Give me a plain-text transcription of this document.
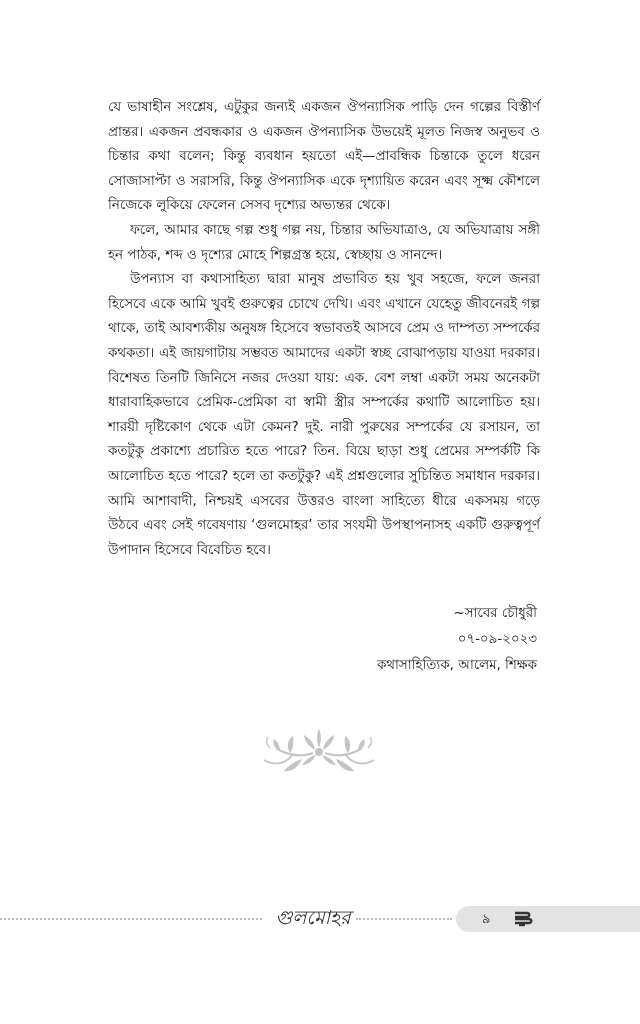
যে ভাষাহীন সংশ্লেষ, এটুকুর জন্যই একজন ঔপন্যাসিক পাড়ি দেন গল্পের বিস্তীর্ণ প্রান্তর। একজন প্রবন্ধকার ও একজন ঔপন্যাসিক উভয়েই মূলত নিজস্ব অনুভব ও চিন্তার কথা বলেন; কিন্তু ব্যবধান হয়তো এই—প্রাবন্ধিক চিন্তাকে তুলে ধরেন সোজাসাপ্টা ও সরাসরি, কিন্তু ঔপন্যাসিক একে দৃশ্যায়িত করেন এবং সূক্ষ্ম কৌশলে নিজেকে লুকিয়ে ফেলেন সেসব দৃশ্যের অভ্যন্তর থেকে।

ফলে, আমার কাছে গল্প শুধু গল্প নয়, চিন্তার অভিযাত্রাও, যে অভিযাত্রায় সঙ্গী হন পাঠক, শব্দ ও দৃশ্যের মোহে শিল্পগ্রস্ত হয়ে, স্বেচ্ছায় ও সানন্দে।

উপন্যাস বা কথাসাহিত্য দ্বারা মানুষ প্রভাবিত হয় খুব সহজে, ফলে জনরা হিসেবে একে আমি খুবই গুরুত্বের চোখে দেখি। এবং এখানে যেহেতু জীবনেরই গল্প থাকে, তাই আবশ্যকীয় অনুষঙ্গ হিসেবে স্বভাবতই আসবে প্রেম ও দাম্পত্য সম্পর্কের কথকতা। এই জায়গাটায় সম্ভবত আমাদের একটা স্বচ্ছ বোঝাপড়ায় যাওয়া দরকার। বিশেষত তিনটি জিনিসে নজর দেওয়া যায়: এক. বেশ লম্বা একটা সময় অনেকটা ধারাবাহিকভাবে প্রেমিক-প্রেমিকা বা স্বামী স্ত্রীর সম্পর্কের কথাটি আলোচিত হয়। শারয়ী দৃষ্টিকোণ থেকে এটা কেমন? দুই. নারী পুরুষের সম্পর্কের যে রসায়ন, তা কতটুকু প্রকাশ্যে প্রচারিত হতে পারে? তিন. বিয়ে ছাড়া শুধু প্রেমের সম্পর্কটি কি আলোচিত হতে পারে? হলে তা কতটুকু? এই প্রশ্নগুলোর সুচিন্তিত সমাধান দরকার। আমি আশাবাদী, নিশ্চয়ই এসবের উত্তরও বাংলা সাহিত্যে ধীরে একসময় গড়ে উঠবে এবং সেই গবেষণায় ‘গুলমোহর’ তার সংযমী উপস্থাপনাসহ একটি গুরুত্বপূর্ণ উপাদান হিসেবে বিবেচিত হবে।

~সাবের চৌধুরী
০৭-০৯-২০২৩
কথাসাহিত্যিক, আলেম, শিক্ষক
গুলমোহর	৯
